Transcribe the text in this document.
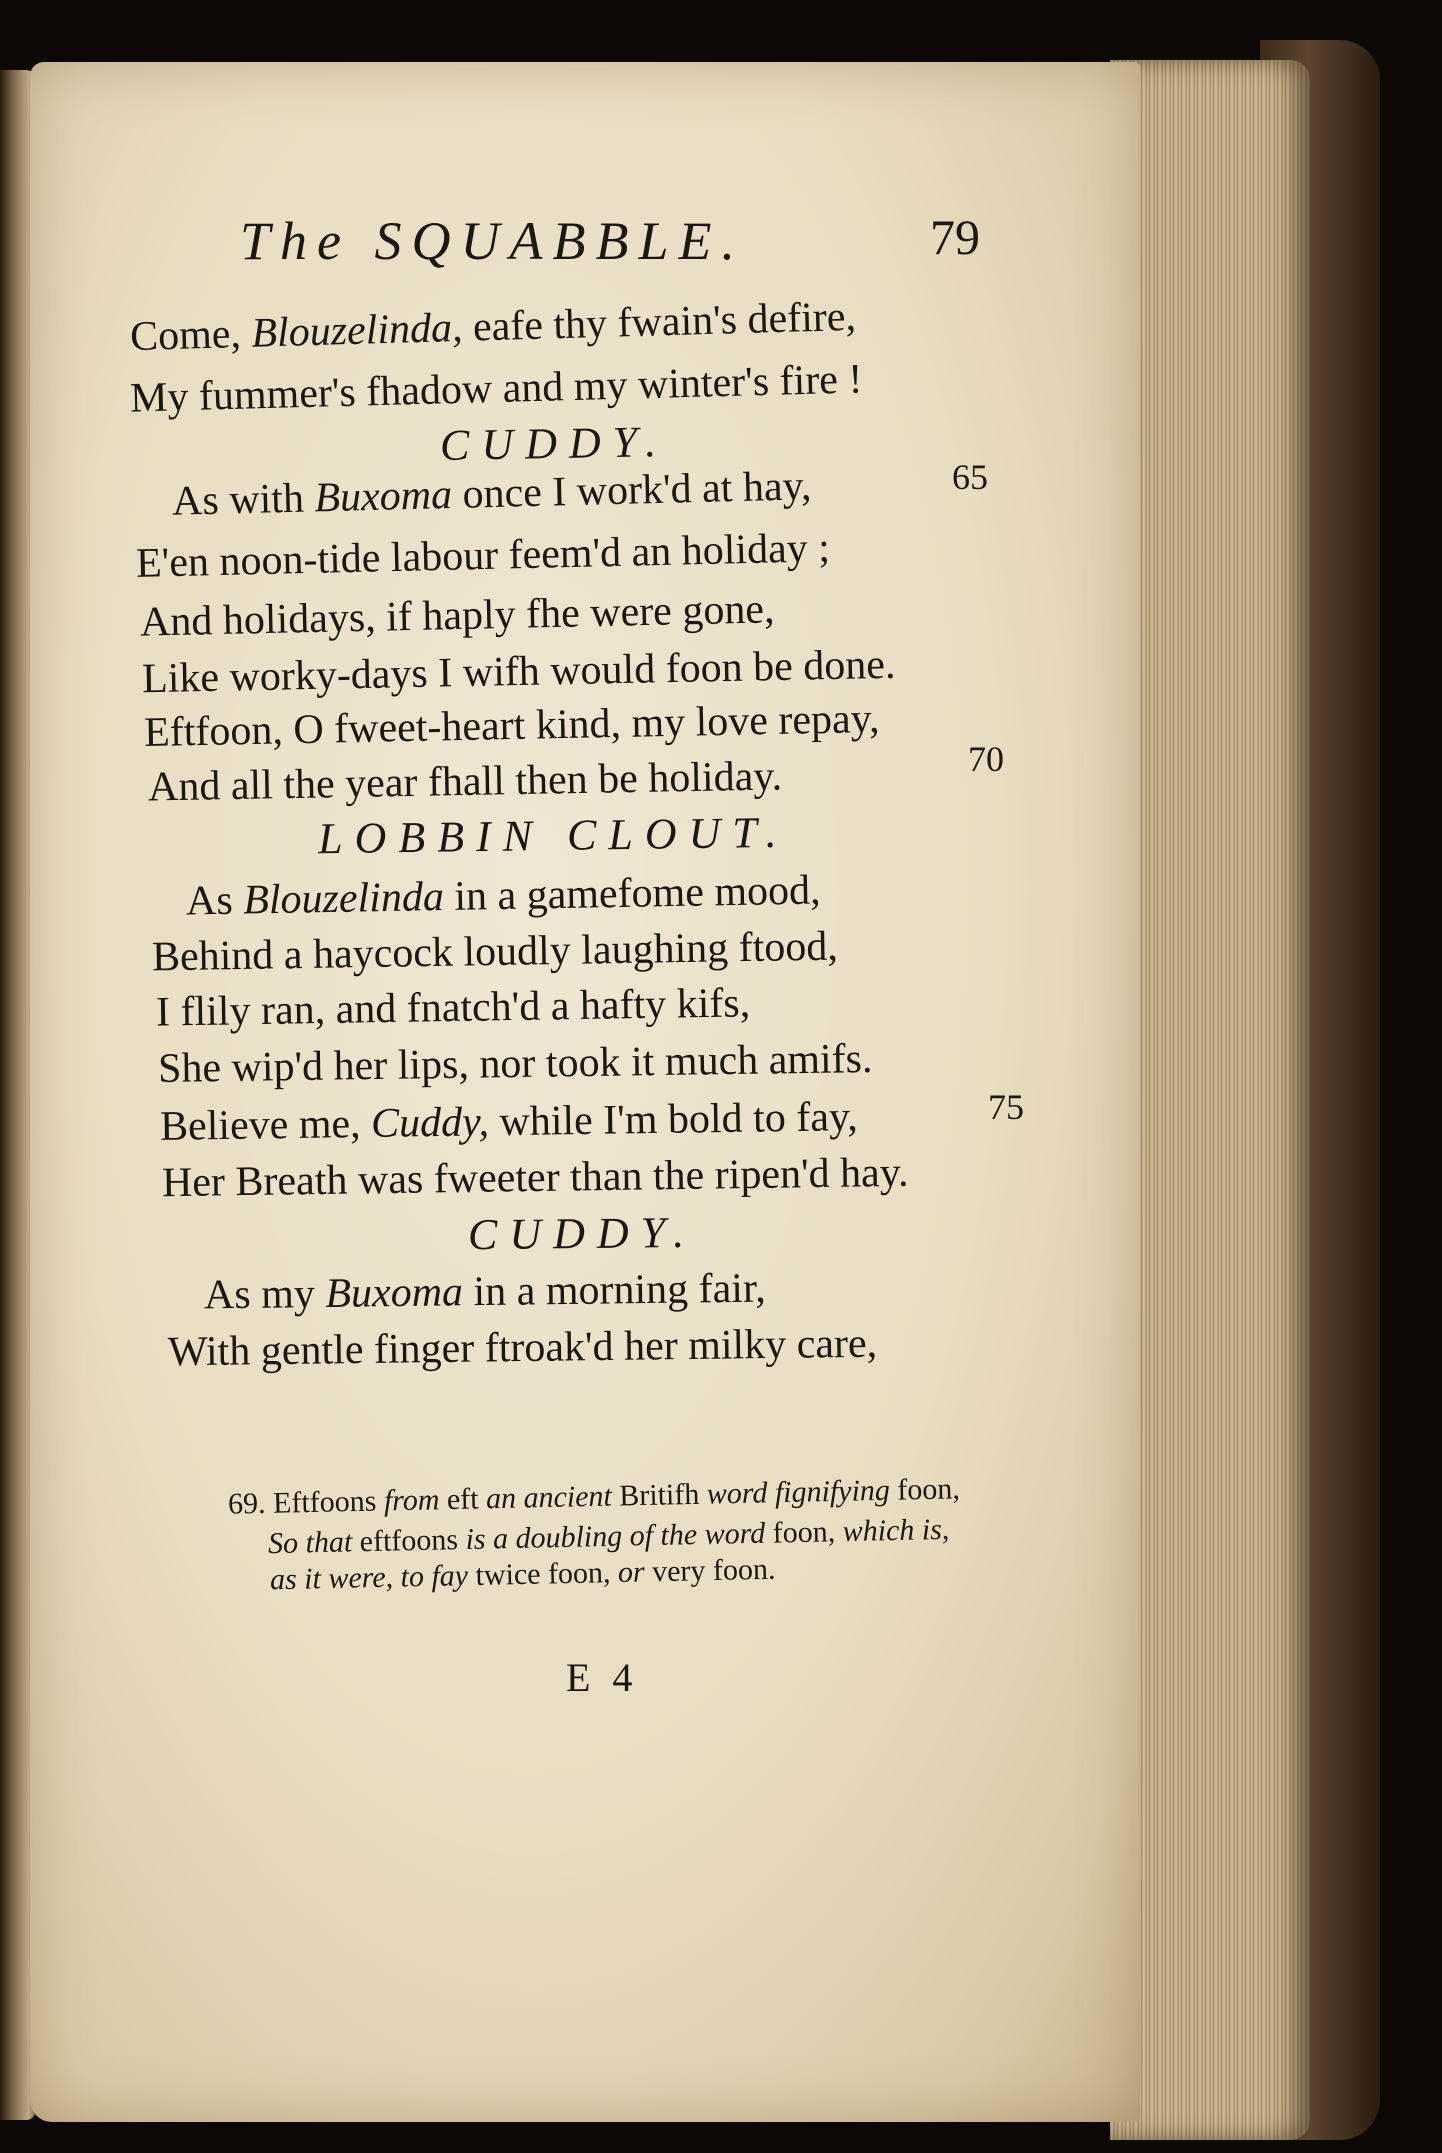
The SQUABBLE.	79
Come, Blouzelinda, eafe thy fwain's defire,
My fummer's fhadow and my winter's fire !
CUDDY.
As with Buxoma once I work'd at hay,	65
E'en noon-tide labour feem'd an holiday ;
And holidays, if haply fhe were gone,
Like worky-days I wifh would foon be done.
Eftfoon, O fweet-heart kind, my love repay,
And all the year fhall then be holiday.	70
LOBBIN CLOUT.
As Blouzelinda in a gamefome mood,
Behind a haycock loudly laughing ftood,
I flily ran, and fnatch'd a hafty kifs,
She wip'd her lips, nor took it much amifs.
Believe me, Cuddy, while I'm bold to fay,	75
Her Breath was fweeter than the ripen'd hay.
CUDDY.
As my Buxoma in a morning fair,
With gentle finger ftroak'd her milky care,
69. Eftfoons from eft an ancient Britifh word fignifying foon,
So that eftfoons is a doubling of the word foon, which is,
as it were, to fay twice foon, or very foon.
E 4
